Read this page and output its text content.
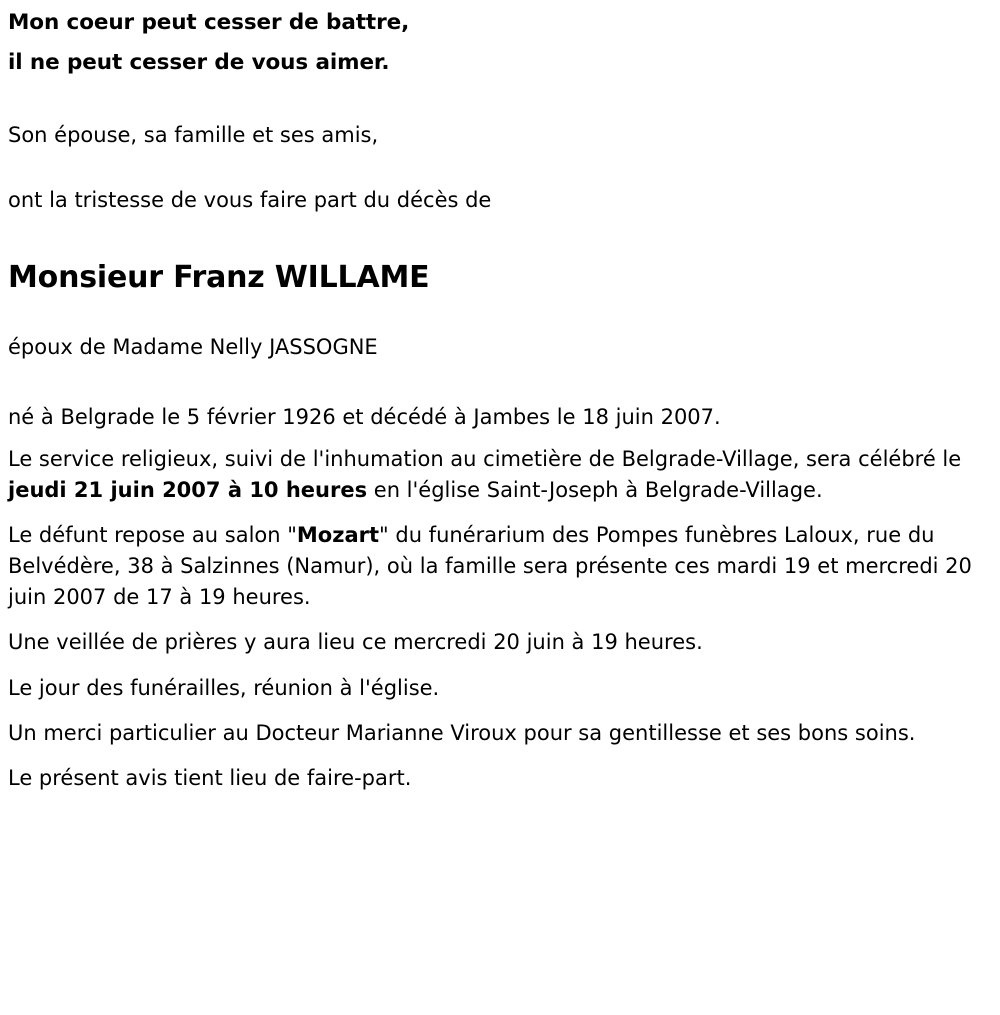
Mon coeur peut cesser de battre,

il ne peut cesser de vous aimer.

Son épouse, sa famille et ses amis,

ont la tristesse de vous faire part du décès de

Monsieur Franz WILLAME

époux de Madame Nelly JASSOGNE

né à Belgrade le 5 février 1926 et décédé à Jambes le 18 juin 2007.

Le service religieux, suivi de l'inhumation au cimetière de Belgrade-Village, sera célébré le jeudi 21 juin 2007 à 10 heures en l'église Saint-Joseph à Belgrade-Village.

Le défunt repose au salon "Mozart" du funérarium des Pompes funèbres Laloux, rue du Belvédère, 38 à Salzinnes (Namur), où la famille sera présente ces mardi 19 et mercredi 20 juin 2007 de 17 à 19 heures.

Une veillée de prières y aura lieu ce mercredi 20 juin à 19 heures.

Le jour des funérailles, réunion à l'église.

Un merci particulier au Docteur Marianne Viroux pour sa gentillesse et ses bons soins.

Le présent avis tient lieu de faire-part.
